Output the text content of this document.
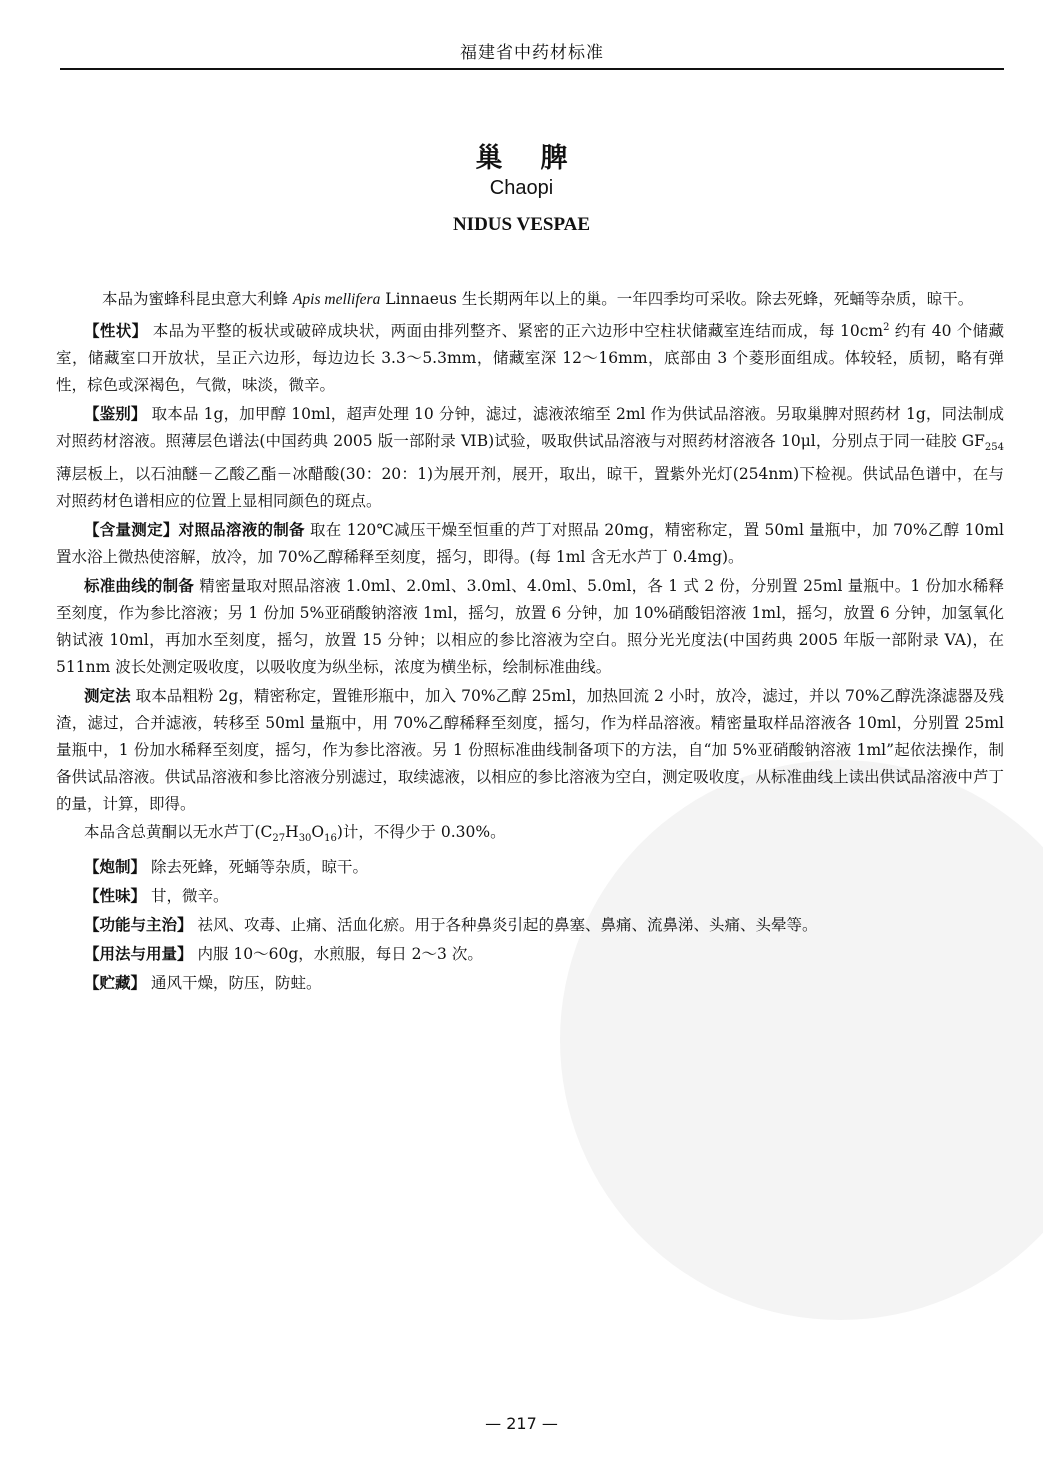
福建省中药材标准
巢脾
Chaopi
NIDUS VESPAE

本品为蜜蜂科昆虫意大利蜂 Apis mellifera Linnaeus 生长期两年以上的巢。一年四季均可采收。除去死蜂，死蛹等杂质，晾干。

【性状】 本品为平整的板状或破碎成块状，两面由排列整齐、紧密的正六边形中空柱状储藏室连结而成，每 $10cm^2$ 约有 40 个储藏室，储藏室口开放状，呈正六边形，每边边长 3.3～5.3mm，储藏室深 12～16mm，底部由 3 个菱形面组成。体较轻，质韧，略有弹性，棕色或深褐色，气微，味淡，微辛。

【鉴别】 取本品 1g，加甲醇 10ml，超声处理 10 分钟，滤过，滤液浓缩至 2ml 作为供试品溶液。另取巢脾对照药材 1g，同法制成对照药材溶液。照薄层色谱法(中国药典 2005 版一部附录 ⅥB)试验，吸取供试品溶液与对照药材溶液各 10μl，分别点于同一硅胶 $GF_{254}$ 薄层板上，以石油醚－乙酸乙酯－冰醋酸(30：20：1)为展开剂，展开，取出，晾干，置紫外光灯(254nm)下检视。供试品色谱中，在与对照药材色谱相应的位置上显相同颜色的斑点。

【含量测定】对照品溶液的制备 取在 120℃减压干燥至恒重的芦丁对照品 20mg，精密称定，置 50ml 量瓶中，加 70%乙醇 10ml 置水浴上微热使溶解，放冷，加 70%乙醇稀释至刻度，摇匀，即得。(每 1ml 含无水芦丁 0.4mg)。

标准曲线的制备 精密量取对照品溶液 1.0ml、2.0ml、3.0ml、4.0ml、5.0ml，各 1 式 2 份，分别置 25ml 量瓶中。1 份加水稀释至刻度，作为参比溶液；另 1 份加 5%亚硝酸钠溶液 1ml，摇匀，放置 6 分钟，加 10%硝酸铝溶液 1ml，摇匀，放置 6 分钟，加氢氧化钠试液 10ml，再加水至刻度，摇匀，放置 15 分钟；以相应的参比溶液为空白。照分光光度法(中国药典 2005 年版一部附录 VA)，在 511nm 波长处测定吸收度，以吸收度为纵坐标，浓度为横坐标，绘制标准曲线。

测定法 取本品粗粉 2g，精密称定，置锥形瓶中，加入 70%乙醇 25ml，加热回流 2 小时，放冷，滤过，并以 70%乙醇洗涤滤器及残渣，滤过，合并滤液，转移至 50ml 量瓶中，用 70%乙醇稀释至刻度，摇匀，作为样品溶液。精密量取样品溶液各 10ml，分别置 25ml 量瓶中，1 份加水稀释至刻度，摇匀，作为参比溶液。另 1 份照标准曲线制备项下的方法，自“加 5%亚硝酸钠溶液 1ml”起依法操作，制备供试品溶液。供试品溶液和参比溶液分别滤过，取续滤液，以相应的参比溶液为空白，测定吸收度，从标准曲线上读出供试品溶液中芦丁的量，计算，即得。

本品含总黄酮以无水芦丁$(C_{27}H_{30}O_{16})$计，不得少于 0.30%。

【炮制】 除去死蜂，死蛹等杂质，晾干。

【性味】 甘，微辛。

【功能与主治】 祛风、攻毒、止痛、活血化瘀。用于各种鼻炎引起的鼻塞、鼻痛、流鼻涕、头痛、头晕等。

【用法与用量】 内服 10～60g，水煎服，每日 2～3 次。

【贮藏】 通风干燥，防压，防蛀。

— 217 —
